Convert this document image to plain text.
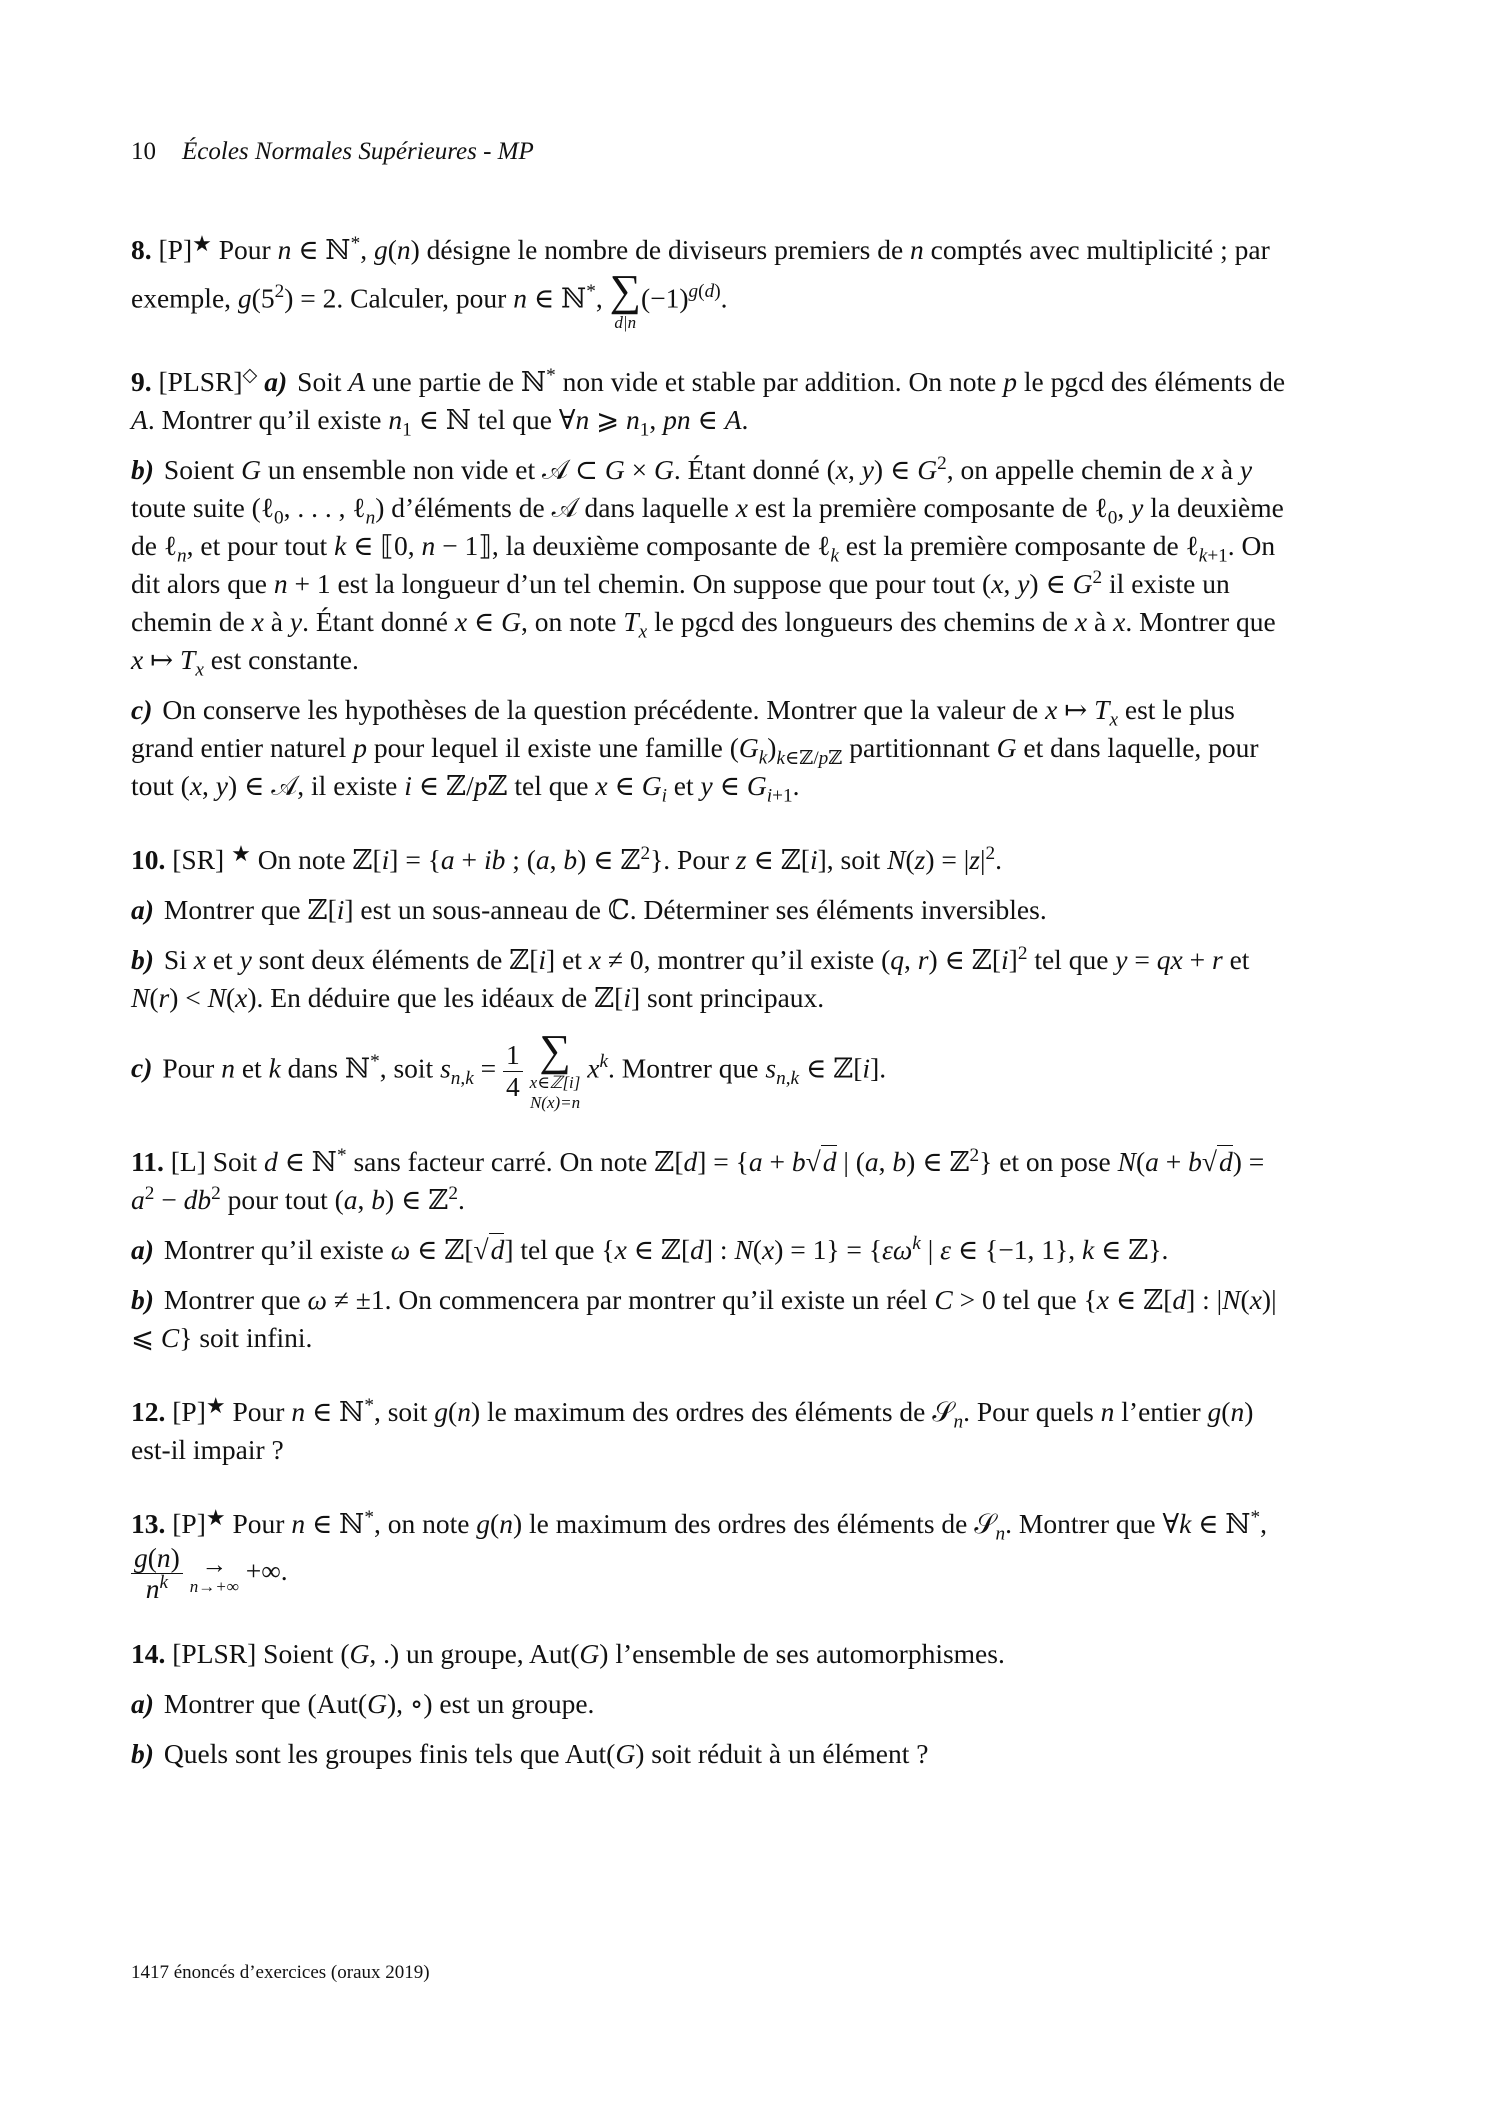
10 Écoles Normales Supérieures - MP
8. [P]★ Pour n ∈ ℕ*, g(n) désigne le nombre de diviseurs premiers de n comptés avec multiplicité ; par exemple, $g(5^2) = 2$. Calculer, pour n ∈ ℕ*, ∑
d|n
$(-1)^{g(d)}$.
9. [PLSR]◇ a) Soit A une partie de ℕ* non vide et stable par addition. On note p le pgcd des éléments de A. Montrer qu’il existe $n_1$ ∈ ℕ tel que ∀n ⩾ $n_1$, pn ∈ A.
b) Soient G un ensemble non vide et 𝒜 ⊂ G × G. Étant donné (x, y) ∈ $G^2$, on appelle chemin de x à y toute suite (ℓ$_0$, . . . , ℓ$_n$) d’éléments de 𝒜 dans laquelle x est la première composante de ℓ$_0$, y la deuxième de ℓ$_n$, et pour tout k ∈ ⟦0, n − 1⟧, la deuxième composante de ℓ$_k$ est la première composante de ℓ$_{k+1}$. On dit alors que n + 1 est la longueur d’un tel chemin. On suppose que pour tout (x, y) ∈ $G^2$ il existe un chemin de x à y. Étant donné x ∈ G, on note $T_x$ le pgcd des longueurs des chemins de x à x. Montrer que x ↦ $T_x$ est constante.
c) On conserve les hypothèses de la question précédente. Montrer que la valeur de x ↦ $T_x$ est le plus grand entier naturel p pour lequel il existe une famille $(G_k)_{k\in ℤ/pℤ}$ partitionnant G et dans laquelle, pour tout (x, y) ∈ 𝒜, il existe i ∈ ℤ/pℤ tel que x ∈ $G_i$ et y ∈ $G_{i+1}$.
10. [SR] ★ On note ℤ[i] = {a + ib ; (a, b) ∈ ℤ$^2$}. Pour z ∈ ℤ[i], soit $N(z) = |z|^2$.
a) Montrer que ℤ[i] est un sous-anneau de ℂ. Déterminer ses éléments inversibles.
b) Si x et y sont deux éléments de ℤ[i] et x ≠ 0, montrer qu’il existe (q, r) ∈ $ℤ[i]^2$ tel que y = qx + r et N(r) < N(x). En déduire que les idéaux de ℤ[i] sont principaux.
c) Pour n et k dans ℕ*, soit $s_{n,k} = \frac{1}{4}$
∑
x∈ℤ[i]
N(x)=n
$x^k$. Montrer que $s_{n,k}$ ∈ ℤ[i].
11. [L] Soit d ∈ ℕ* sans facteur carré. On note ℤ[d] = {a + b√d | (a, b) ∈ ℤ$^2$} et on pose $N(a + b√d) = a^2 - db^2$ pour tout (a, b) ∈ ℤ$^2$.
a) Montrer qu’il existe ω ∈ ℤ[√d] tel que {x ∈ ℤ[d] : $N(x) = 1\} = \{\varepsilon\omega^k$ | ε ∈ {−1, 1}, k ∈ ℤ}.
b) Montrer que ω ≠ ±1. On commencera par montrer qu’il existe un réel C > 0 tel que {x ∈ ℤ[d] : |N(x)| ⩽ C} soit infini.
12. [P]★ Pour n ∈ ℕ*, soit g(n) le maximum des ordres des éléments de 𝒮$_n$. Pour quels n l’entier g(n) est-il impair ?
13. [P]★ Pour n ∈ ℕ*, on note g(n) le maximum des ordres des éléments de 𝒮$_n$. Montrer que ∀k ∈ ℕ*,
$\frac{g(n)}{n^k}$
→
n→+∞
+∞.
14. [PLSR] Soient (G, .) un groupe, Aut(G) l’ensemble de ses automorphismes.
a) Montrer que (Aut(G), ∘) est un groupe.
b) Quels sont les groupes finis tels que Aut(G) soit réduit à un élément ?
1417 énoncés d’exercices (oraux 2019)
